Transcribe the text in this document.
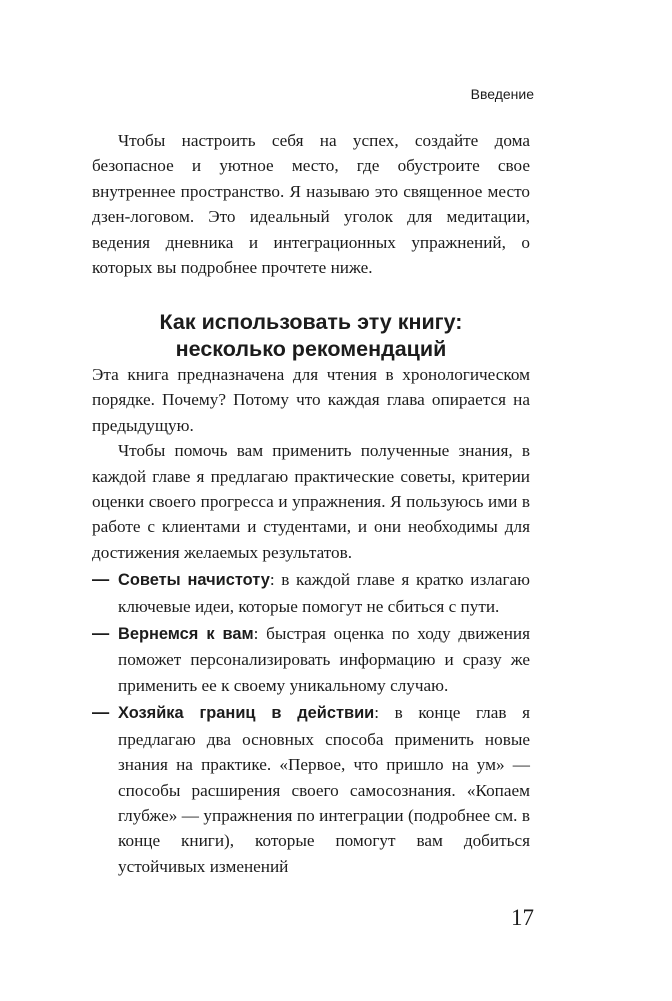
Введение

Чтобы настроить себя на успех, создайте дома безопасное и уютное место, где обустроите свое внутреннее пространство. Я называю это священное место дзен-логовом. Это идеальный уголок для медитации, ведения дневника и интеграционных упражнений, о которых вы подробнее прочтете ниже.

Как использовать эту книгу:
несколько рекомендаций

Эта книга предназначена для чтения в хронологическом порядке. Почему? Потому что каждая глава опирается на предыдущую.

Чтобы помочь вам применить полученные знания, в каждой главе я предлагаю практические советы, критерии оценки своего прогресса и упражнения. Я пользуюсь ими в работе с клиентами и студентами, и они необходимы для достижения желаемых результатов.

— Советы начистоту: в каждой главе я кратко излагаю ключевые идеи, которые помогут не сбиться с пути.
— Вернемся к вам: быстрая оценка по ходу движения поможет персонализировать информацию и сразу же применить ее к своему уникальному случаю.
— Хозяйка границ в действии: в конце глав я предлагаю два основных способа применить новые знания на практике. «Первое, что пришло на ум» — способы расширения своего самосознания. «Копаем глубже» — упражнения по интеграции (подробнее см. в конце книги), которые помогут вам добиться устойчивых изменений
17
